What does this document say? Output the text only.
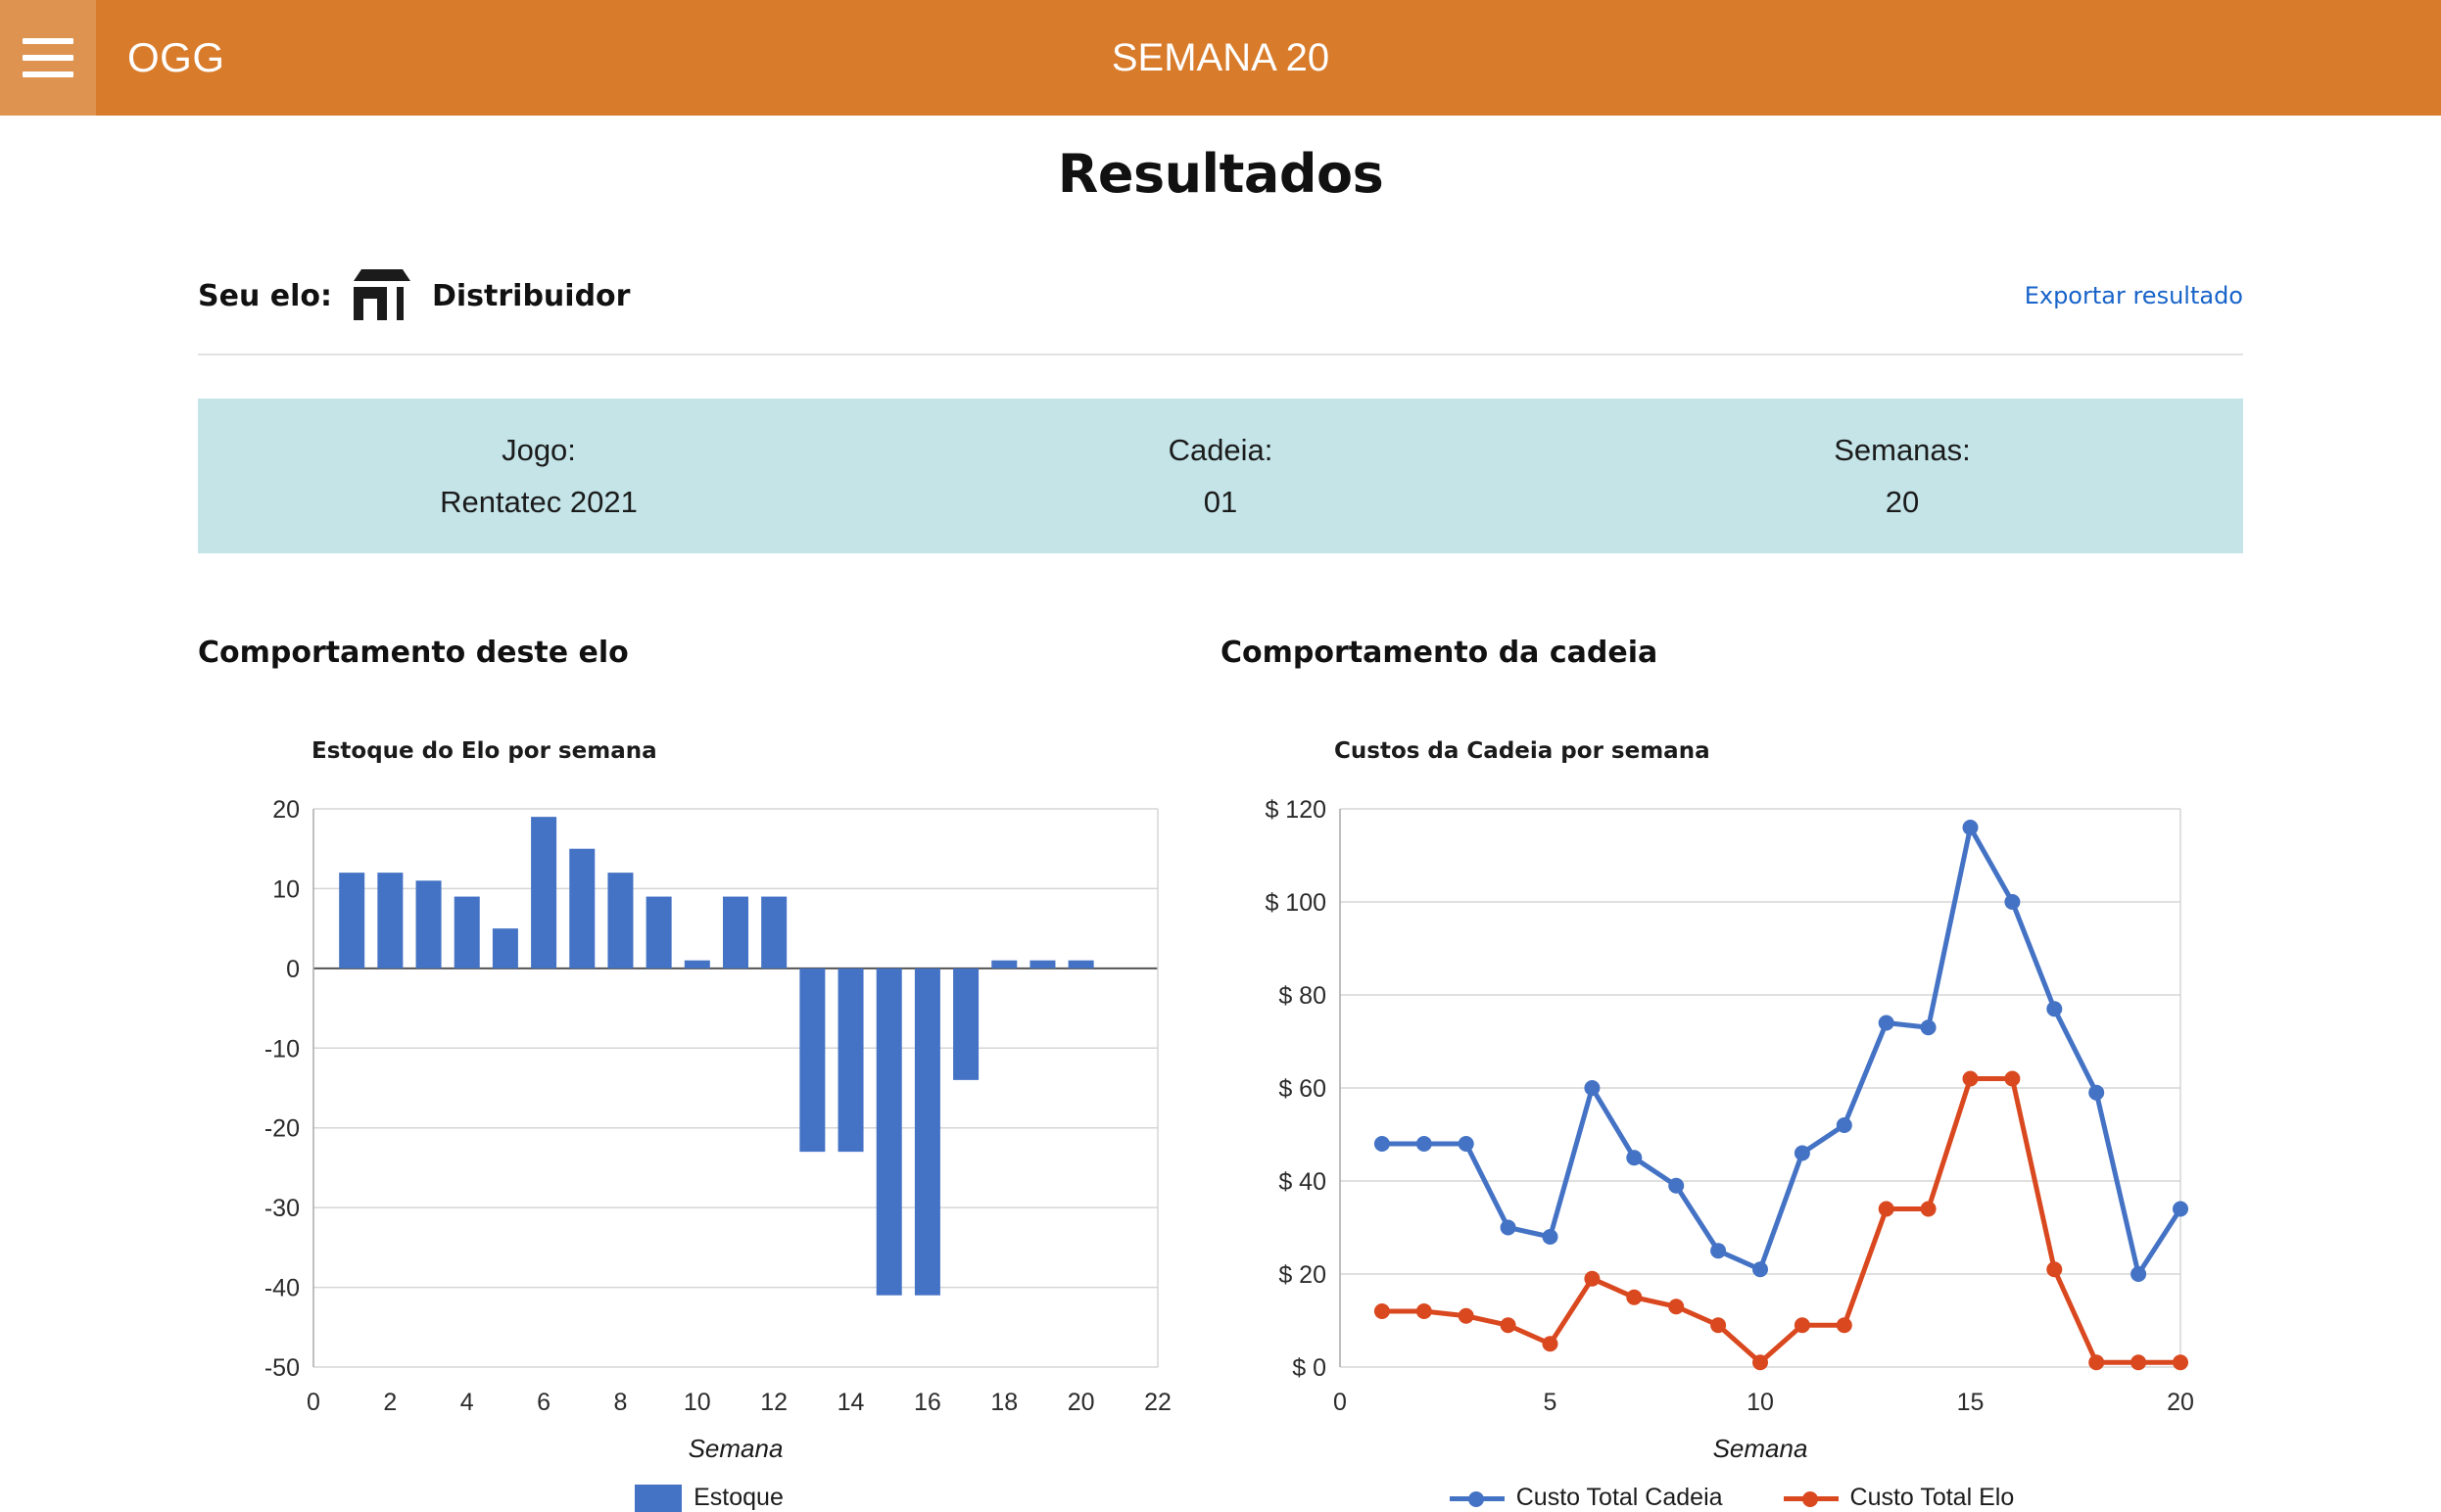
OGG	SEMANA 20
Resultados
Seu elo:	Distribuidor	Exportar resultado
Jogo:
Rentatec 2021
Cadeia:
01
Semanas:
20
Comportamento deste elo
Estoque do Elo por semana
20
10
0
-10
-20
-30
-40
-50
0	2	4	6	8 10 12 14 16 18 20 22
Semana
Estoque
Comportamento da cadeia
Custos da Cadeia por semana
$ 120
$ 100
$ 80
$ 60
$ 40
$ 20
$ 0
0	5	10	15	20
Semana
Custo Total Cadeia	Custo Total Elo
